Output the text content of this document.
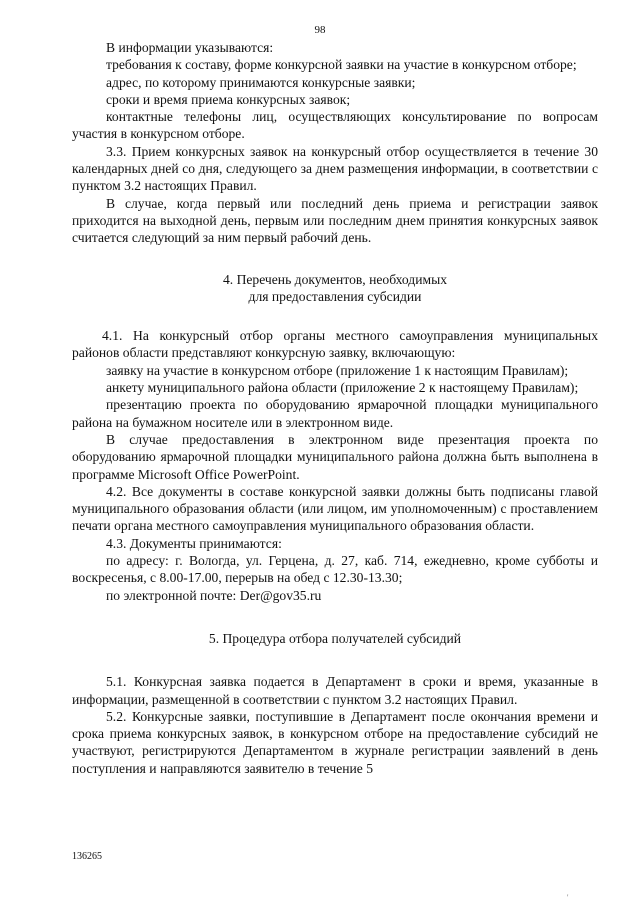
98

В информации указываются:

требования к составу, форме конкурсной заявки на участие в конкурсном отборе;

адрес, по которому принимаются конкурсные заявки;

сроки и время приема конкурсных заявок;

контактные телефоны лиц, осуществляющих консультирование по вопросам участия в конкурсном отборе.

3.3. Прием конкурсных заявок на конкурсный отбор осуществляется в течение 30 календарных дней со дня, следующего за днем размещения информации, в соответствии с пунктом 3.2 настоящих Правил.

В случае, когда первый или последний день приема и регистрации заявок приходится на выходной день, первым или последним днем принятия конкурсных заявок считается следующий за ним первый рабочий день.

4. Перечень документов, необходимых
для предоставления субсидии

4.1. На конкурсный отбор органы местного самоуправления муниципальных районов области представляют конкурсную заявку, включающую:

заявку на участие в конкурсном отборе (приложение 1 к настоящим Правилам);

анкету муниципального района области (приложение 2 к настоящему Правилам);

презентацию проекта по оборудованию ярмарочной площадки муниципального района на бумажном носителе или в электронном виде.

В случае предоставления в электронном виде презентация проекта по оборудованию ярмарочной площадки муниципального района должна быть выполнена в программе Microsoft Office PowerPoint.

4.2. Все документы в составе конкурсной заявки должны быть подписаны главой муниципального образования области (или лицом, им уполномоченным) с проставлением печати органа местного самоуправления муниципального образования области.

4.3. Документы принимаются:

по адресу: г. Вологда, ул. Герцена, д. 27, каб. 714, ежедневно, кроме субботы и воскресенья, с 8.00-17.00, перерыв на обед с 12.30-13.30;

по электронной почте: Der@gov35.ru

5. Процедура отбора получателей субсидий

5.1. Конкурсная заявка подается в Департамент в сроки и время, указанные в информации, размещенной в соответствии с пунктом 3.2 настоящих Правил.

5.2. Конкурсные заявки, поступившие в Департамент после окончания времени и срока приема конкурсных заявок, в конкурсном отборе на предоставление субсидий не участвуют, регистрируются Департаментом в журнале регистрации заявлений в день поступления и направляются заявителю в течение 5

136265
'
